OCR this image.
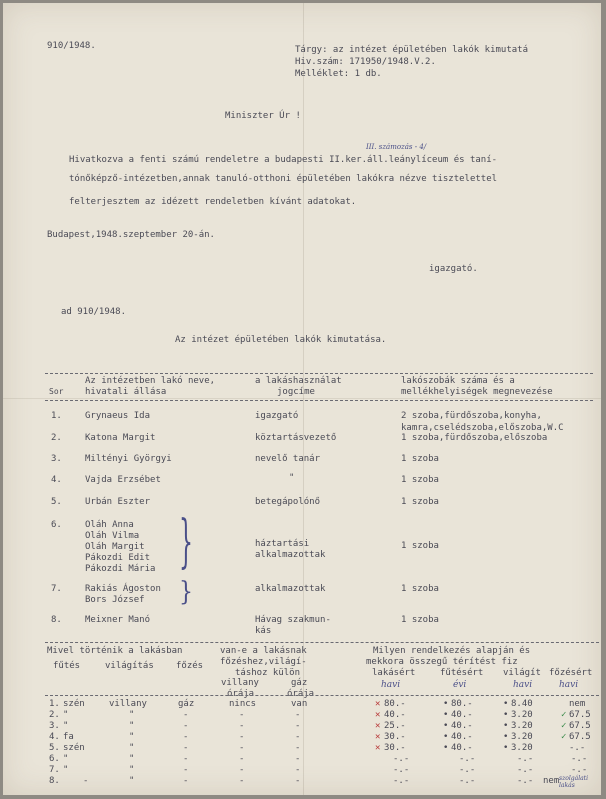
910/1948.	Tárgy: az intézet épületében lakók kimutatá
Hiv.szám: 171950/1948.V.2.
Melléklet: 1 db.
Miniszter Úr !
III. számozás - 4/
Hivatkozva a fenti számú rendeletre a budapesti II.ker.áll.leánylíceum és taní-
tónőképző-intézetben,annak tanuló-otthoni épületében lakókra nézve tisztelettel
felterjesztem az idézett rendeletben kívánt adatokat.
Budapest,1948.szeptember 20-án.
igazgató.
ad 910/1948.
Az intézet épületében lakók kimutatása.
Sor
Az intézetben lakó neve,
hivatali állása
a lakáshasználat
jogcíme
lakószobák száma és a
mellékhelyiségek megnevezése
1.	Grynaeus Ida	igazgató	2 szoba,fürdőszoba,konyha,
kamra,cselédszoba,előszoba,W.C
2.	Katona Margit	köztartásvezető	1 szoba,fürdőszoba,előszoba
3.	Miltényi Györgyi	nevelő tanár	1 szoba
4.	Vajda Erzsébet	"	1 szoba
5.	Urbán Eszter	betegápolónő	1 szoba
6.	Oláh Anna
Oláh Vilma
Oláh Margit
Pákozdi Edit
Pákozdi Mária
háztartási
alkalmazottak
1 szoba
}
7.	Rakiás Ágoston
Bors József
alkalmazottak	1 szoba
}
8.	Meixner Manó	Hávag szakmun-
kás
1 szoba
Mivel történik a lakásban
fűtés	világítás főzés
van-e a lakásnak
főzéshez,világí-
táshoz külön
villany	gáz
órája	órája
Milyen rendelkezés alapján és
mekkora összegű térítést fiz
lakásért	fűtésért világít főzésért
havi	évi	havi	havi
1. szén	villany	gáz	nincs	van	✕ 80.-	• 80.-	• 8.40	nem
2. "	"	-	-	-	✕ 40.-	• 40.-	• 3.20	✓ 67.5
3. "	"	-	-	-	✕ 25.-	• 40.-	• 3.20	✓ 67.5
4. fa	"	-	-	-	✕ 30.-	• 40.-	• 3.20	✓ 67.5
5. szén	"	-	-	-	✕ 30.-	• 40.-	• 3.20	-.-
6. "	"	-	-	-	-.-	-.-	-.-	-.-
7. "	"	-	-	-	-.-	-.-	-.-	-.-
8.	-	"	-	-	-	-.-	-.-	-.- nem szolgálati lakás
